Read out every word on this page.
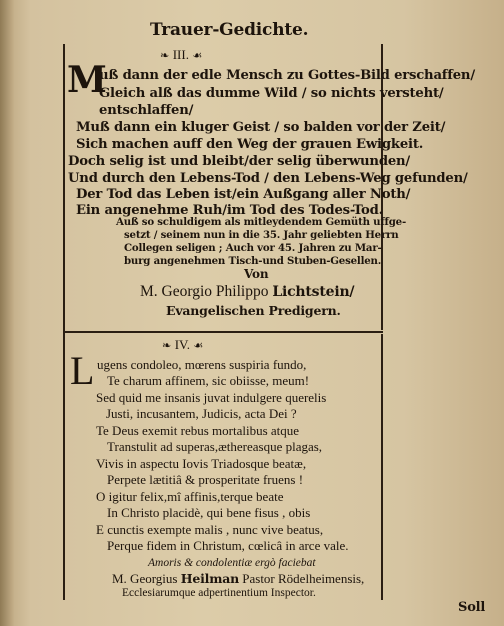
Trauer-Gedichte.
❧ III. ☙
M
uß dann der edle Mensch zu Gottes-Bild erschaffen/
Gleich alß das dumme Wild / so nichts versteht/
entschlaffen/
Muß dann ein kluger Geist / so balden vor der Zeit/
Sich machen auff den Weg der grauen Ewigkeit.
Doch selig ist und bleibt/der selig überwunden/
Und durch den Lebens-Tod / den Lebens-Weg gefunden/
Der Tod das Leben ist/ein Außgang aller Noth/
Ein angenehme Ruh/im Tod des Todes-Tod.
Auß so schuldigem als mitleydendem Gemüth uffge-
setzt / seinem nun in die 35. Jahr geliebten Herrn
Collegen seligen ; Auch vor 45. Jahren zu Mar-
burg angenehmen Tisch-und Stuben-Gesellen.
Von
M. Georgio Philippo Lichtstein/
Evangelischen Predigern.
❧ IV. ☙
L ugens condoleo, mœrens suspiria fundo,
Te charum affinem, sic obiisse, meum!
Sed quid me insanis juvat indulgere querelis
Justi, incusantem, Judicis, acta Dei ?
Te Deus exemit rebus mortalibus atque
Transtulit ad superas,æthereasque plagas,
Vivis in aspectu Iovis Triadosque beatæ,
Perpete lætitiâ & prosperitate fruens !
O igitur felix,mî affinis,terque beate
In Christo placidè, qui bene fisus , obis
E cunctis exempte malis , nunc vive beatus,
Perque fidem in Christum, cœlicâ in arce vale.
Amoris & condolentiæ ergò faciebat
M. Georgius Heilman Pastor Rödelheimensis,
Ecclesiarumque adpertinentium Inspector.
Soll
